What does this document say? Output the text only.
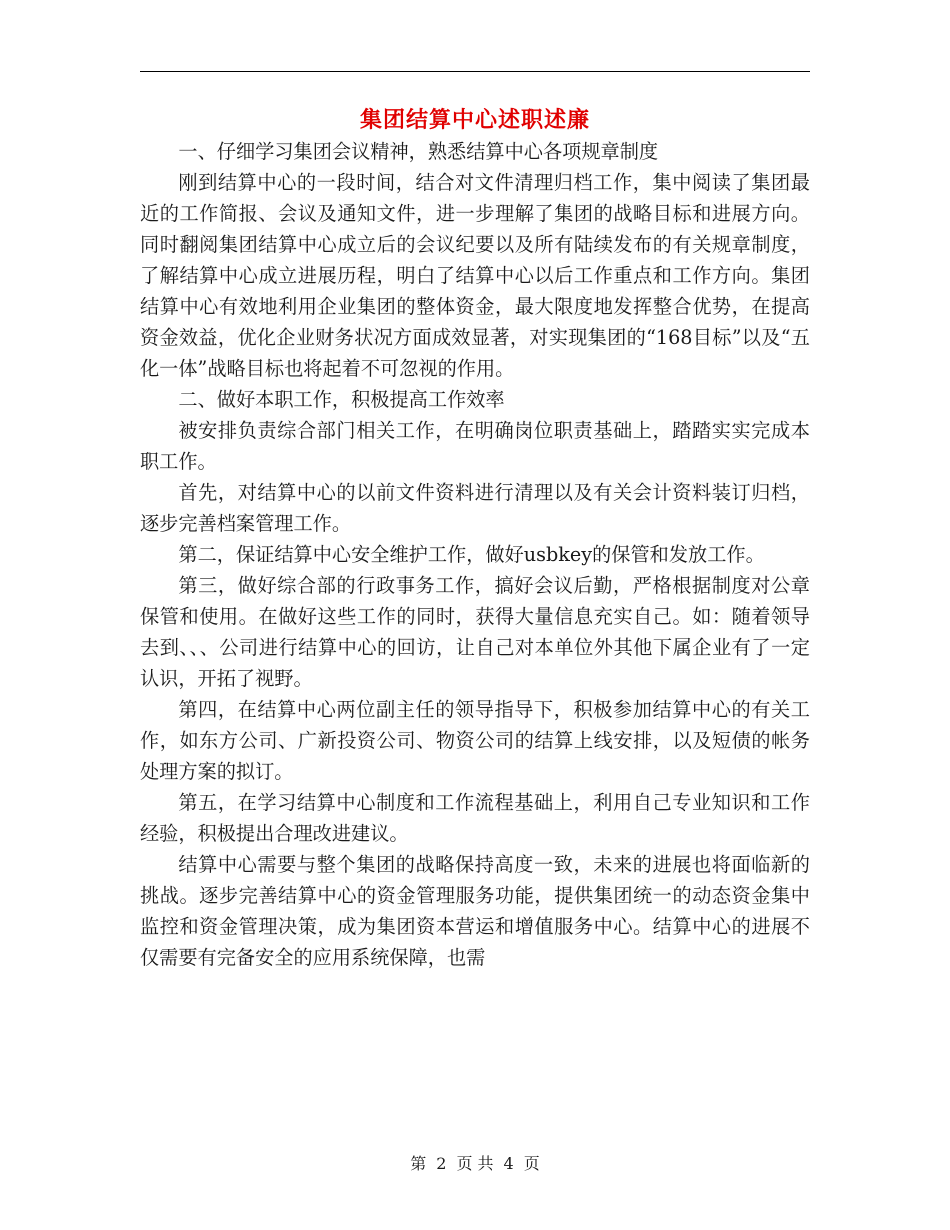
集团结算中心述职述廉

一、仔细学习集团会议精神，熟悉结算中心各项规章制度

刚到结算中心的一段时间，结合对文件清理归档工作，集中阅读了集团最近的工作简报、会议及通知文件，进一步理解了集团的战略目标和进展方向。同时翻阅集团结算中心成立后的会议纪要以及所有陆续发布的有关规章制度，了解结算中心成立进展历程，明白了结算中心以后工作重点和工作方向。集团结算中心有效地利用企业集团的整体资金，最大限度地发挥整合优势，在提高资金效益，优化企业财务状况方面成效显著，对实现集团的“168目标”以及“五化一体”战略目标也将起着不可忽视的作用。

二、做好本职工作，积极提高工作效率

被安排负责综合部门相关工作，在明确岗位职责基础上，踏踏实实完成本职工作。

首先，对结算中心的以前文件资料进行清理以及有关会计资料装订归档，逐步完善档案管理工作。

第二，保证结算中心安全维护工作，做好usbkey的保管和发放工作。

第三，做好综合部的行政事务工作，搞好会议后勤，严格根据制度对公章保管和使用。在做好这些工作的同时，获得大量信息充实自己。如：随着领导去到、、、公司进行结算中心的回访，让自己对本单位外其他下属企业有了一定认识，开拓了视野。

第四，在结算中心两位副主任的领导指导下，积极参加结算中心的有关工作，如东方公司、广新投资公司、物资公司的结算上线安排，以及短债的帐务处理方案的拟订。

第五，在学习结算中心制度和工作流程基础上，利用自己专业知识和工作经验，积极提出合理改进建议。

结算中心需要与整个集团的战略保持高度一致，未来的进展也将面临新的挑战。逐步完善结算中心的资金管理服务功能，提供集团统一的动态资金集中监控和资金管理决策，成为集团资本营运和增值服务中心。结算中心的进展不仅需要有完备安全的应用系统保障，也需

第 2 页 共 4 页
